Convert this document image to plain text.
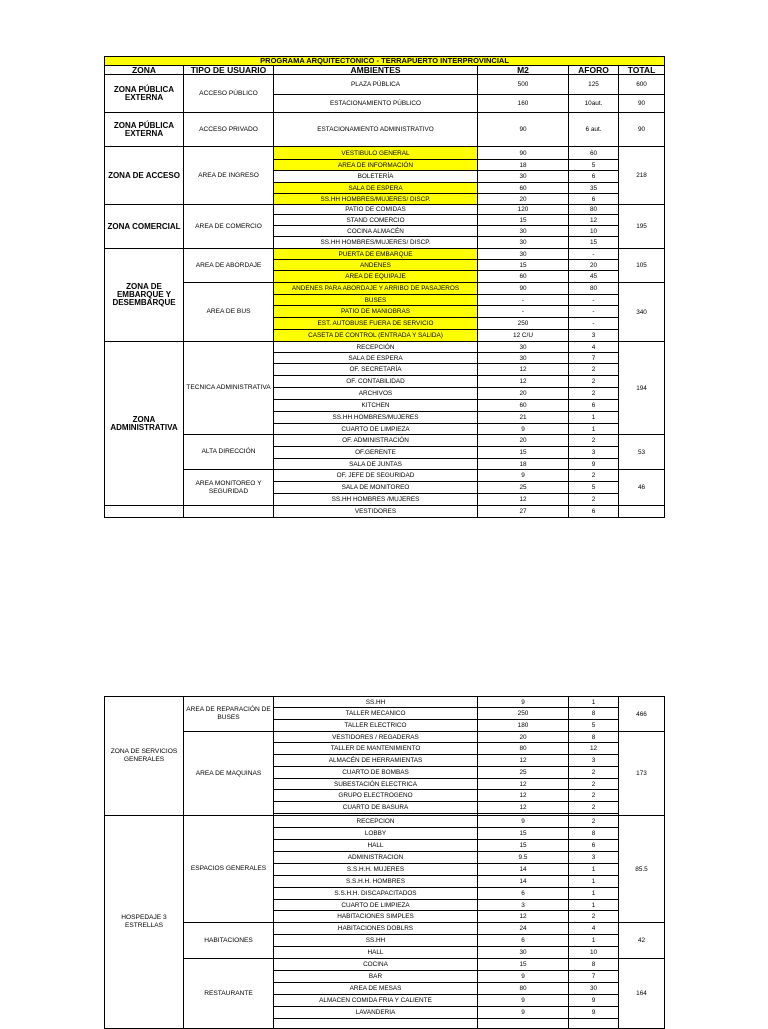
PROGRAMA ARQUITECTONICO - TERRAPUERTO INTERPROVINCIAL					
ZONA	TIPO DE USUARIO	AMBIENTES	M2	AFORO	TOTAL
ZONA PÚBLICA EXTERNA	ACCESO PÚBLICO	PLAZA PÚBLICA	500	125	600
		ESTACIONAMIENTO PÚBLICO	160	10aut.	90
ZONA PÚBLICA EXTERNA	ACCESO PRIVADO	ESTACIONAMIENTO ADMINISTRATIVO	90	6 aut.	90
ZONA DE ACCESO	AREA DE INGRESO	VESTIBULO GENERAL	90	60	218
		AREA DE INFORMACIÓN	18	5	
		BOLETERÍA	30	6	
		SALA DE ESPERA	60	35	
		SS.HH HOMBRES/MUJERES/ DISCP.	20	6	
ZONA COMERCIAL	AREA DE COMERCIO	PATIO DE COMIDAS	120	80	195
		STAND COMERCIO	15	12	
		COCINA ALMACÉN	30	10	
		SS.HH HOMBRES/MUJERES/ DISCP.	30	15	
ZONA DE EMBARQUE Y DESEMBARQUE	AREA DE ABORDAJE	PUERTA DE EMBARQUE	30	-	105
		ANDENES	15	20	
		AREA DE EQUIPAJE	60	45	
	AREA DE BUS	ANDENES PARA ABORDAJE Y ARRIBO DE PASAJEROS	90	80	340
		BUSES	-	-	
		PATIO DE MANIOBRAS	-	-	
		EST. AUTOBUSE FUERA DE SERVICIO	250	-	
		CASETA DE CONTROL (ENTRADA Y SALIDA)	12 C/U	3	
ZONA ADMINISTRATIVA	TECNICA ADMINISTRATIVA	RECEPCIÓN	30	4	194
		SALA DE ESPERA	30	7	
		OF. SECRETARÍA	12	2	
		OF. CONTABILIDAD	12	2	
		ARCHIVOS	20	2	
		KITCHEN	60	6	
		SS.HH HOMBRES/MUJERES	21	1	
		CUARTO DE LIMPIEZA	9	1	
	ALTA DIRECCIÓN	OF. ADMINISTRACIÓN	20	2	53
		OF.GERENTE	15	3	
		SALA DE JUNTAS	18	9	
	AREA MONITOREO Y SEGURIDAD	OF. JEFE DE SEGURIDAD	9	2	46
		SALA DE MONITOREO	25	5	
		SS.HH HOMBRES /MUJERES	12	2	
		VESTIDORES	27	6	
ZONA DE SERVICIOS GENERALES	AREA DE REPARACIÓN DE BUSES	SS.HH	9	1	466
		TALLER MECANICO	250	8	
		TALLER ELECTRICO	180	5	
	AREA DE MAQUINAS	VESTIDORES / REGADERAS	20	8	173
		TALLER DE MANTENIMIENTO	80	12	
		ALMACÉN DE HERRAMIENTAS	12	3	
		CUARTO DE BOMBAS	25	2	
		SUBESTACIÓN ELECTRICA	12	2	
		GRUPO ELECTROGENO	12	2	
		CUARTO DE BASURA	12	2	

HOSPEDAJE 3 ESTRELLAS	ESPACIOS GENERALES	RECEPCION	9	2	85.5
		LOBBY	15	8	
		HALL	15	6	
		ADMINISTRACION	9.5	3	
		S.S.H.H. MUJERES	14	1	
		S.S.H.H. HOMBRES	14	1	
		S.S.H.H. DISCAPACITADOS	6	1	
		CUARTO DE LIMPIEZA	3	1	
		HABITACIONES SIMPLES	12	2	
	HABITACIONES	HABITACIONES DOBLRS	24	4	42
		SS.HH	6	1	
		HALL	30	10	
	RESTAURANTE	COCINA	15	8	164
		BAR	9	7	
		AREA DE MESAS	80	30	
		ALMACEN COMIDA FRIA Y CALIENTE	9	9	
		LAVANDERIA	9	9	
